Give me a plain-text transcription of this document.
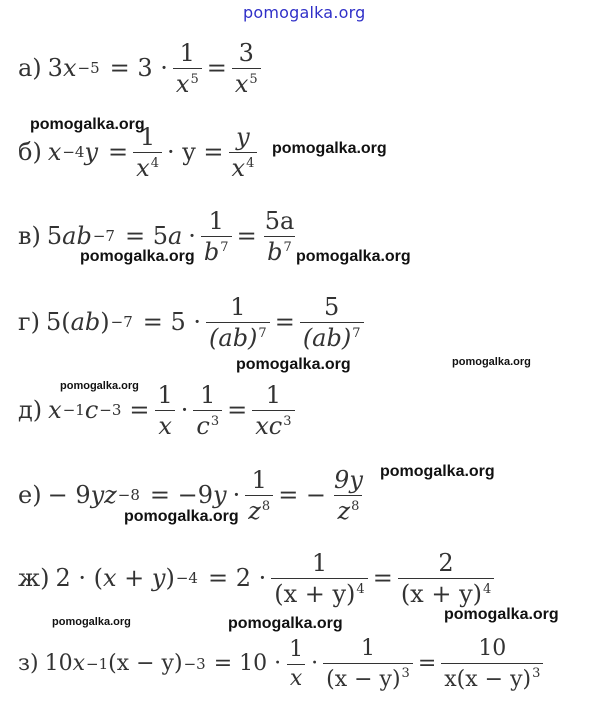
pomogalka.org
а) 3 $x -5 = 3 \cdot \frac{1}{x^5} = \frac{3}{x^5}$
б) x −4 $y = \frac{1}{x^4} \cdot y = \frac{y}{x^4}$
в) 5 ab −7 = 5 $a \cdot \frac{1}{b^7} = \frac{5a}{b^7}$
г) 5( ab ) $-7 = 5 \cdot \frac{1}{(ab)^7} = \frac{5}{(ab)^7}$
д) x −1 $c -3 = \frac{1}{x} \cdot \frac{1}{c^3} = \frac{1}{xc^3}$
е) − 9 yz −8 = −9 $y \cdot \frac{1}{z^8}$ = − $\frac{9y}{z^8}$
ж) 2 · ( x + y ) $-4 = 2 \cdot \frac{1}{(x + y)^4} = \frac{2}{(x + y)^4}$
з) 10 x −1 $(x - y) -3 = 10 \cdot \frac{1}{x} \cdot \frac{1}{(x - y)^3} = \frac{10}{x(x - y)^3}$
pomogalka.org
pomogalka.org
pomogalka.org	pomogalka.org
pomogalka.org	pomogalka.org
pomogalka.org
pomogalka.org
pomogalka.org
pomogalka.org
pomogalka.org	pomogalka.org
